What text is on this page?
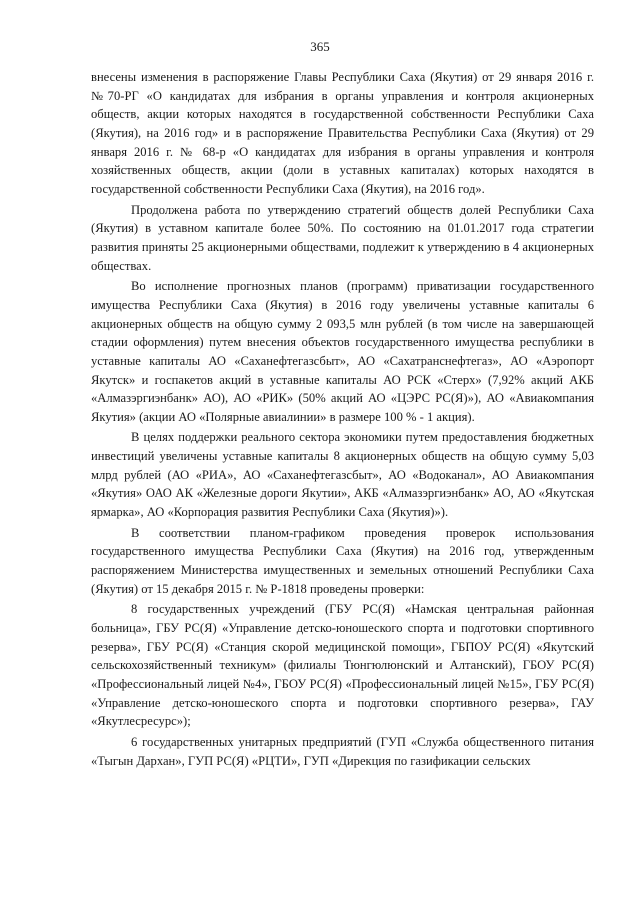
365

внесены изменения в распоряжение Главы Республики Саха (Якутия) от 29 января 2016 г. №70-РГ «О кандидатах для избрания в органы управления и контроля акционерных обществ, акции которых находятся в государственной собственности Республики Саха (Якутия), на 2016 год» и в распоряжение Правительства Республики Саха (Якутия) от 29 января 2016 г. № 68-р «О кандидатах для избрания в органы управления и контроля хозяйственных обществ, акции (доли в уставных капиталах) которых находятся в государственной собственности Республики Саха (Якутия), на 2016 год».

Продолжена работа по утверждению стратегий обществ долей Республики Саха (Якутия) в уставном капитале более 50%. По состоянию на 01.01.2017 года стратегии развития приняты 25 акционерными обществами, подлежит к утверждению в 4 акционерных обществах.

Во исполнение прогнозных планов (программ) приватизации государственного имущества Республики Саха (Якутия) в 2016 году увеличены уставные капиталы 6 акционерных обществ на общую сумму 2 093,5 млн рублей (в том числе на завершающей стадии оформления) путем внесения объектов государственного имущества республики в уставные капиталы АО «Саханефтегазсбыт», АО «Сахатранснефтегаз», АО «Аэропорт Якутск» и госпакетов акций в уставные капиталы АО РСК «Стерх» (7,92% акций АКБ «Алмазэргиэнбанк» АО), АО «РИК» (50% акций АО «ЦЭРС РС(Я)»), АО «Авиакомпания Якутия» (акции АО «Полярные авиалинии» в размере 100 % - 1 акция).

В целях поддержки реального сектора экономики путем предоставления бюджетных инвестиций увеличены уставные капиталы 8 акционерных обществ на общую сумму 5,03 млрд рублей (АО «РИА», АО «Саханефтегазсбыт», АО «Водоканал», АО Авиакомпания «Якутия» ОАО АК «Железные дороги Якутии», АКБ «Алмазэргиэнбанк» АО, АО «Якутская ярмарка», АО «Корпорация развития Республики Саха (Якутия)»).

В соответствии планом-графиком проведения проверок использования государственного имущества Республики Саха (Якутия) на 2016 год, утвержденным распоряжением Министерства имущественных и земельных отношений Республики Саха (Якутия) от 15 декабря 2015 г. № Р-1818 проведены проверки:

8 государственных учреждений (ГБУ РС(Я) «Намская центральная районная больница», ГБУ РС(Я) «Управление детско-юношеского спорта и подготовки спортивного резерва», ГБУ РС(Я) «Станция скорой медицинской помощи», ГБПОУ РС(Я) «Якутский сельскохозяйственный техникум» (филиалы Тюнгюлюнский и Алтанский), ГБОУ РС(Я) «Профессиональный лицей №4», ГБОУ РС(Я) «Профессиональный лицей №15», ГБУ РС(Я) «Управление детско-юношеского спорта и подготовки спортивного резерва», ГАУ «Якутлесресурс»);

6 государственных унитарных предприятий (ГУП «Служба общественного питания «Тыгын Дархан», ГУП РС(Я) «РЦТИ», ГУП «Дирекция по газификации сельских
